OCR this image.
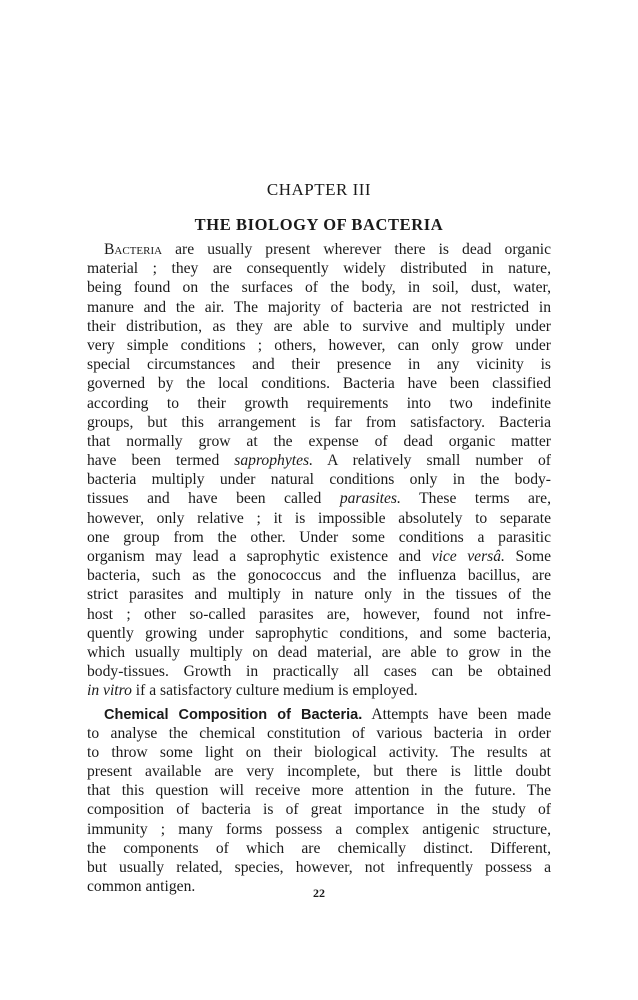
CHAPTER III
THE BIOLOGY OF BACTERIA
Bacteria are usually present wherever there is dead organic
material ; they are consequently widely distributed in nature,
being found on the surfaces of the body, in soil, dust, water,
manure and the air. The majority of bacteria are not restricted in
their distribution, as they are able to survive and multiply under
very simple conditions ; others, however, can only grow under
special circumstances and their presence in any vicinity is
governed by the local conditions. Bacteria have been classified
according to their growth requirements into two indefinite
groups, but this arrangement is far from satisfactory. Bacteria
that normally grow at the expense of dead organic matter
have been termed saprophytes. A relatively small number of
bacteria multiply under natural conditions only in the body-
tissues and have been called parasites. These terms are,
however, only relative ; it is impossible absolutely to separate
one group from the other. Under some conditions a parasitic
organism may lead a saprophytic existence and vice versâ. Some
bacteria, such as the gonococcus and the influenza bacillus, are
strict parasites and multiply in nature only in the tissues of the
host ; other so-called parasites are, however, found not infre-
quently growing under saprophytic conditions, and some bacteria,
which usually multiply on dead material, are able to grow in the
body-tissues. Growth in practically all cases can be obtained
in vitro if a satisfactory culture medium is employed.
Chemical Composition of Bacteria. Attempts have been made
to analyse the chemical constitution of various bacteria in order
to throw some light on their biological activity. The results at
present available are very incomplete, but there is little doubt
that this question will receive more attention in the future. The
composition of bacteria is of great importance in the study of
immunity ; many forms possess a complex antigenic structure,
the components of which are chemically distinct. Different,
but usually related, species, however, not infrequently possess a
common antigen.	22
